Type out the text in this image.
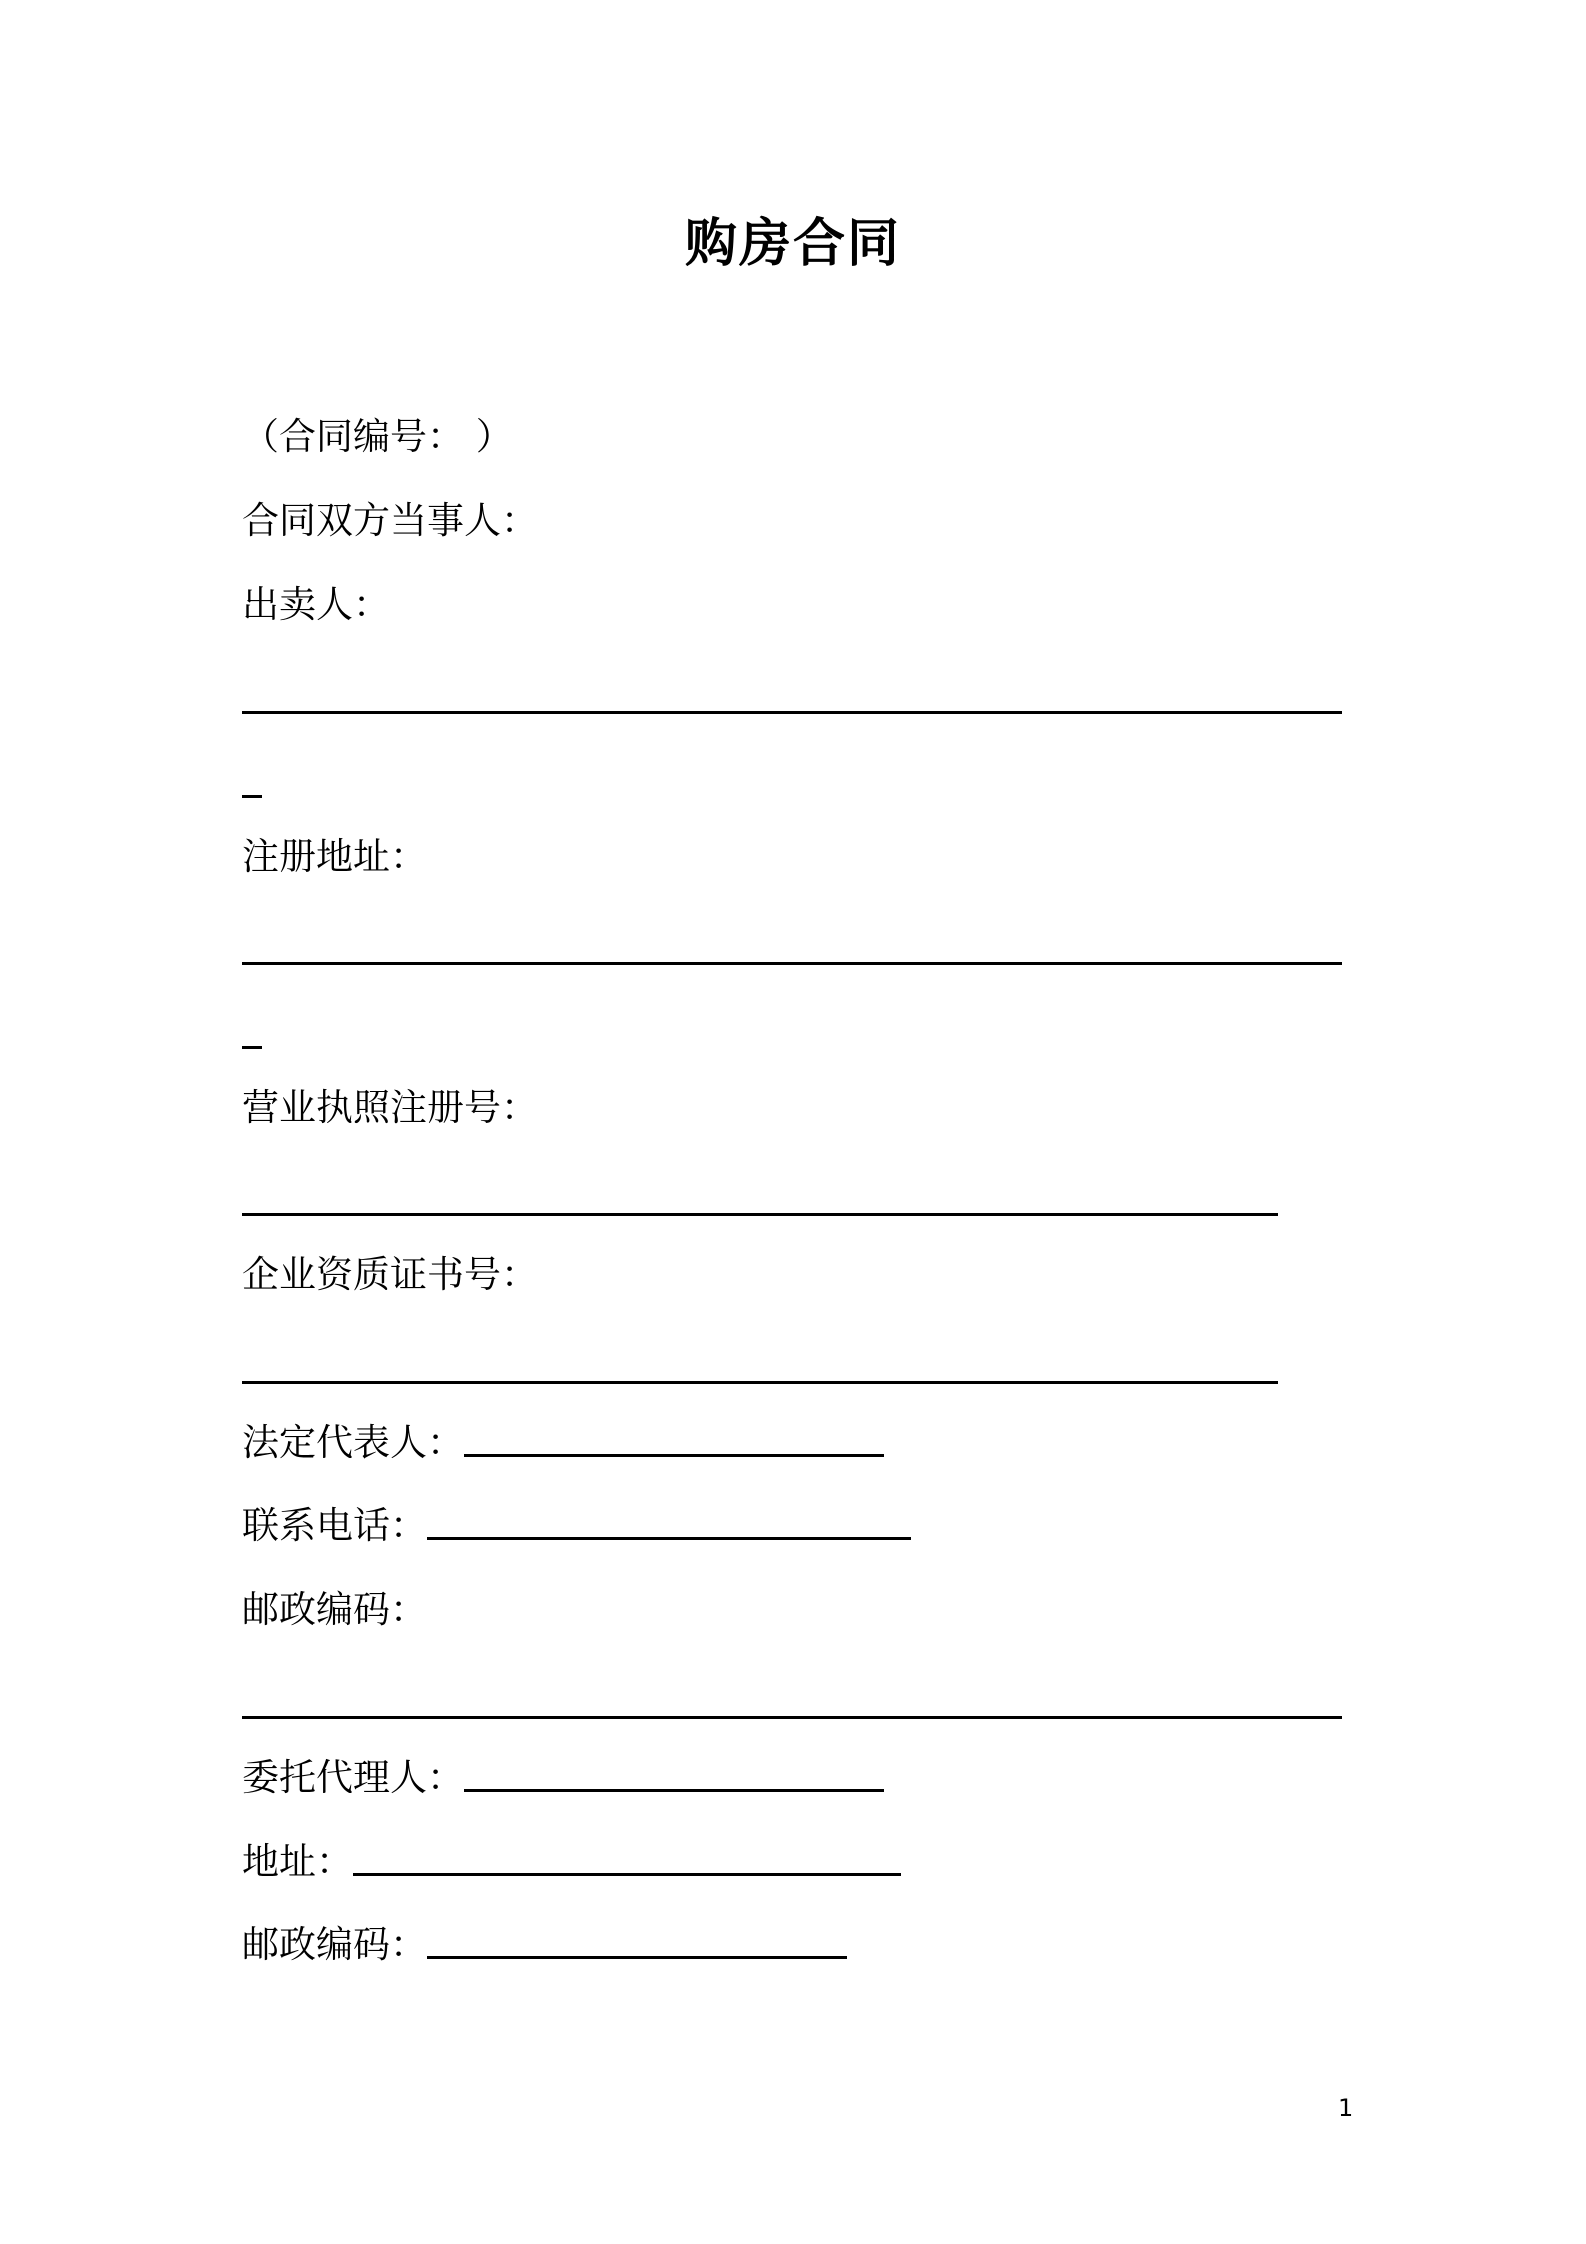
购房合同
（合同编号： ）
合同双方当事人：
出卖人：
注册地址：
营业执照注册号：
企业资质证书号：
法定代表人：
联系电话：
邮政编码：
委托代理人：
地址：
邮政编码：
1
